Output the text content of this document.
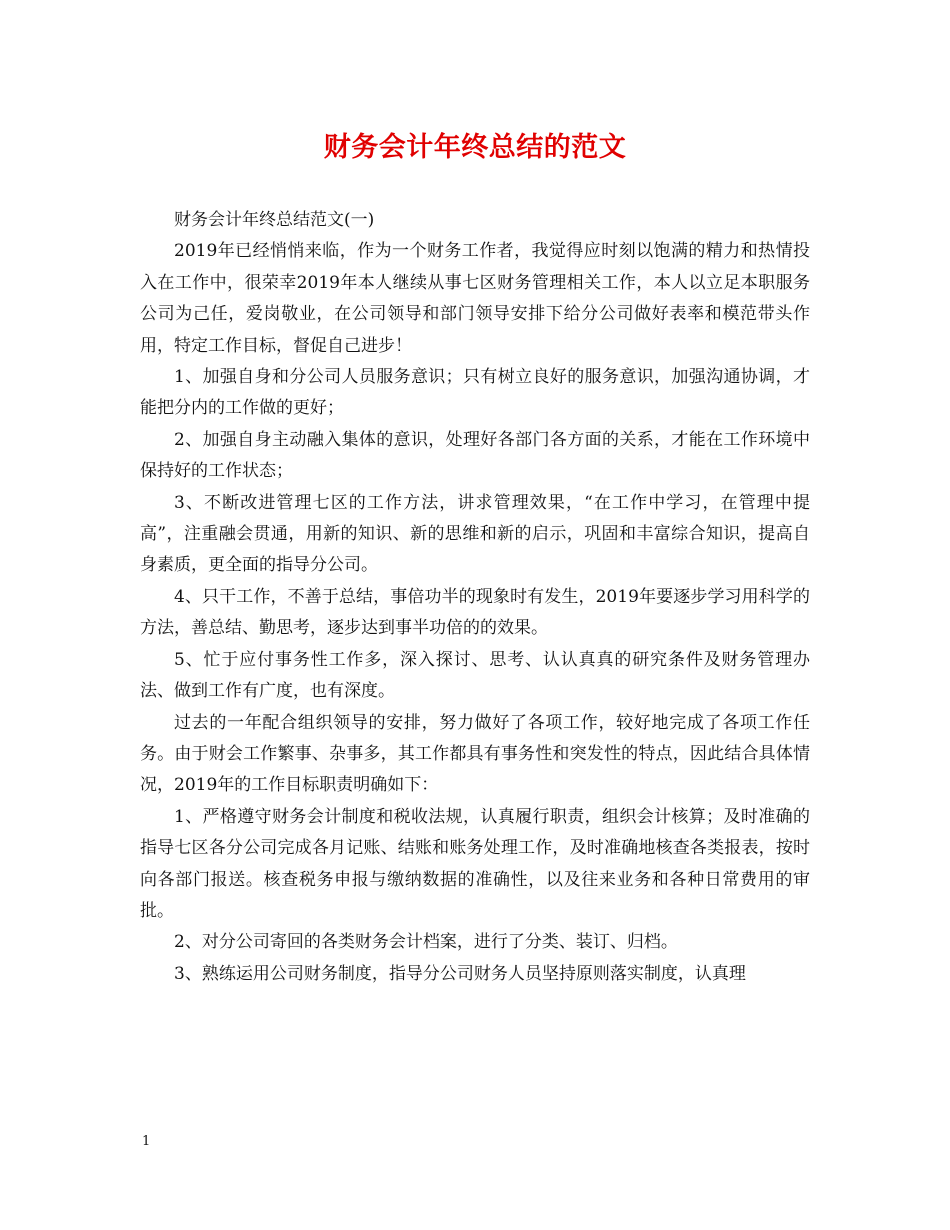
财务会计年终总结的范文

财务会计年终总结范文(一)

2019年已经悄悄来临，作为一个财务工作者，我觉得应时刻以饱满的精力和热情投入在工作中，很荣幸2019年本人继续从事七区财务管理相关工作，本人以立足本职服务公司为己任，爱岗敬业，在公司领导和部门领导安排下给分公司做好表率和模范带头作用，特定工作目标，督促自己进步！

1、加强自身和分公司人员服务意识；只有树立良好的服务意识，加强沟通协调，才能把分内的工作做的更好；

2、加强自身主动融入集体的意识，处理好各部门各方面的关系，才能在工作环境中保持好的工作状态；

3、不断改进管理七区的工作方法，讲求管理效果，“在工作中学习，在管理中提高”，注重融会贯通，用新的知识、新的思维和新的启示，巩固和丰富综合知识，提高自身素质，更全面的指导分公司。

4、只干工作，不善于总结，事倍功半的现象时有发生，2019年要逐步学习用科学的方法，善总结、勤思考，逐步达到事半功倍的的效果。

5、忙于应付事务性工作多，深入探讨、思考、认认真真的研究条件及财务管理办法、做到工作有广度，也有深度。

过去的一年配合组织领导的安排，努力做好了各项工作，较好地完成了各项工作任务。由于财会工作繁事、杂事多，其工作都具有事务性和突发性的特点，因此结合具体情况，2019年的工作目标职责明确如下：

1、严格遵守财务会计制度和税收法规，认真履行职责，组织会计核算；及时准确的指导七区各分公司完成各月记账、结账和账务处理工作，及时准确地核查各类报表，按时向各部门报送。核查税务申报与缴纳数据的准确性，以及往来业务和各种日常费用的审批。

2、对分公司寄回的各类财务会计档案，进行了分类、装订、归档。

3、熟练运用公司财务制度，指导分公司财务人员坚持原则落实制度，认真理

1
